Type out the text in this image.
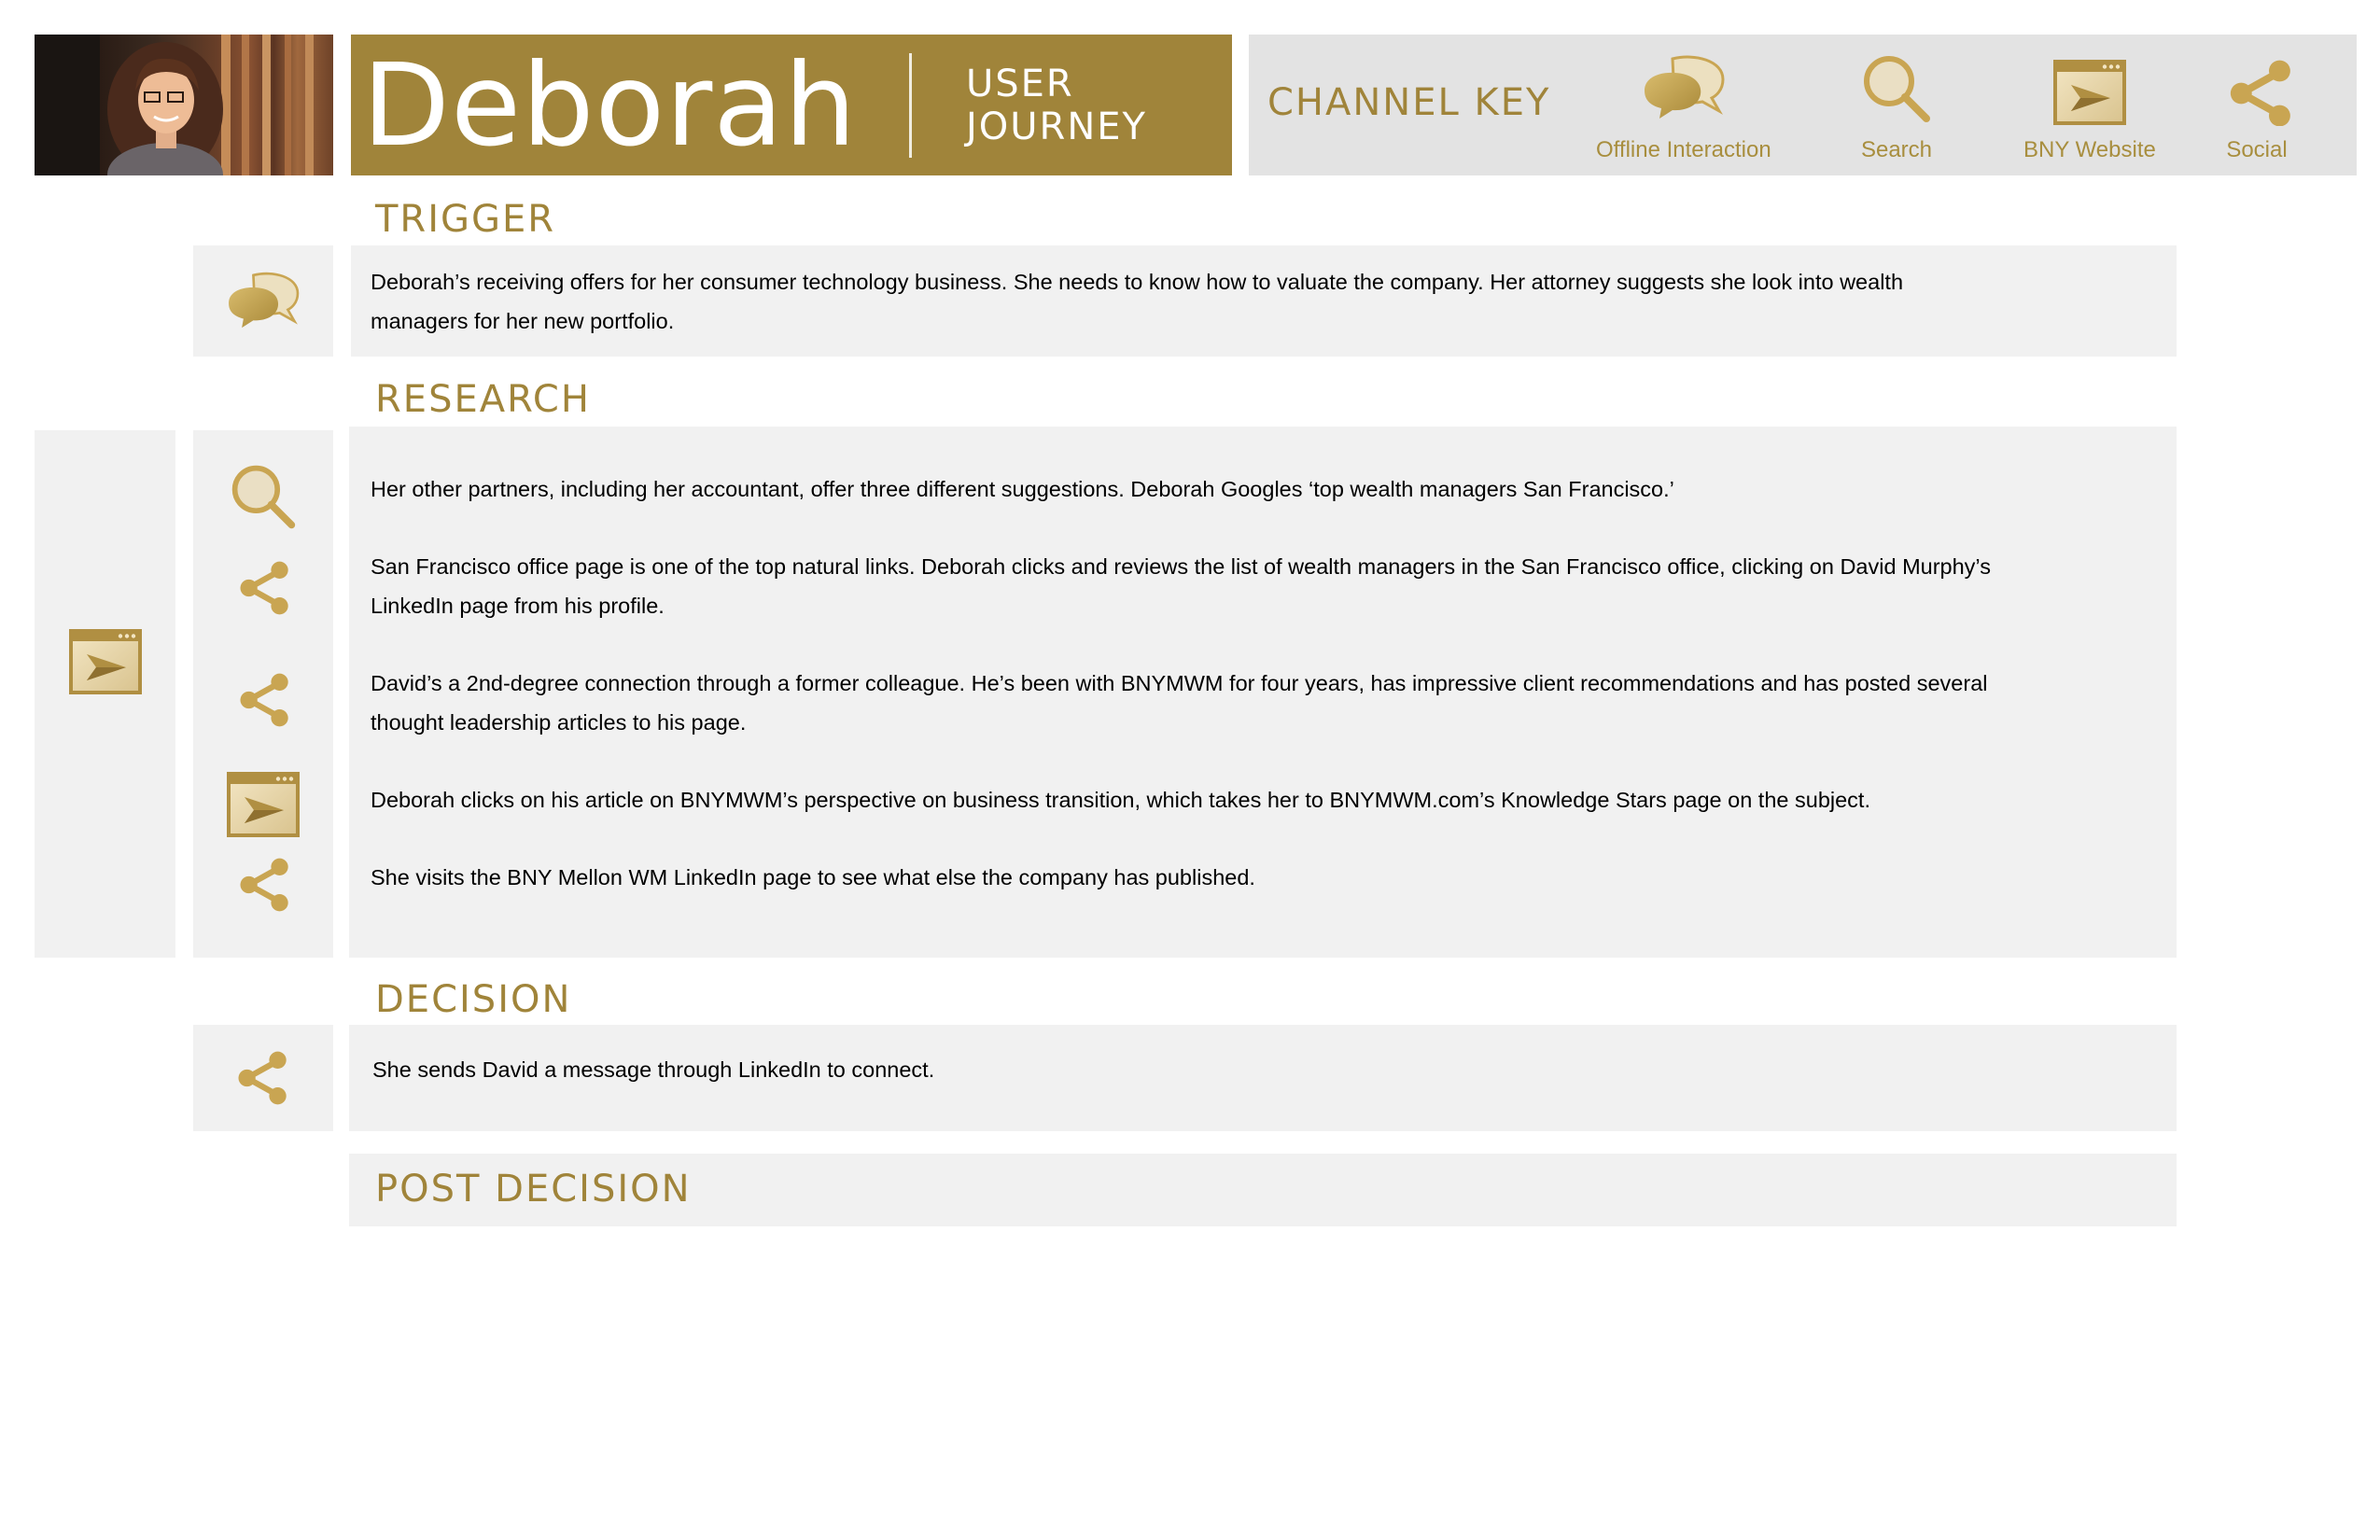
Deborah	USER JOURNEY
CHANNEL KEY
Offline Interaction	Search	BNY Website	Social
TRIGGER
Deborah’s receiving offers for her consumer technology business. She needs to know how to valuate the company. Her attorney suggests she look into wealth managers for her new portfolio.
RESEARCH

Her other partners, including her accountant, offer three different suggestions. Deborah Googles ‘top wealth managers San Francisco.’

San Francisco office page is one of the top natural links. Deborah clicks and reviews the list of wealth managers in the San Francisco office, clicking on David Murphy’s LinkedIn page from his profile.

David’s a 2nd-degree connection through a former colleague. He’s been with BNYMWM for four years, has impressive client recommendations and has posted several thought leadership articles to his page.

Deborah clicks on his article on BNYMWM’s perspective on business transition, which takes her to BNYMWM.com’s Knowledge Stars page on the subject.

She visits the BNY Mellon WM LinkedIn page to see what else the company has published.

DECISION
She sends David a message through LinkedIn to connect.
POST DECISION
